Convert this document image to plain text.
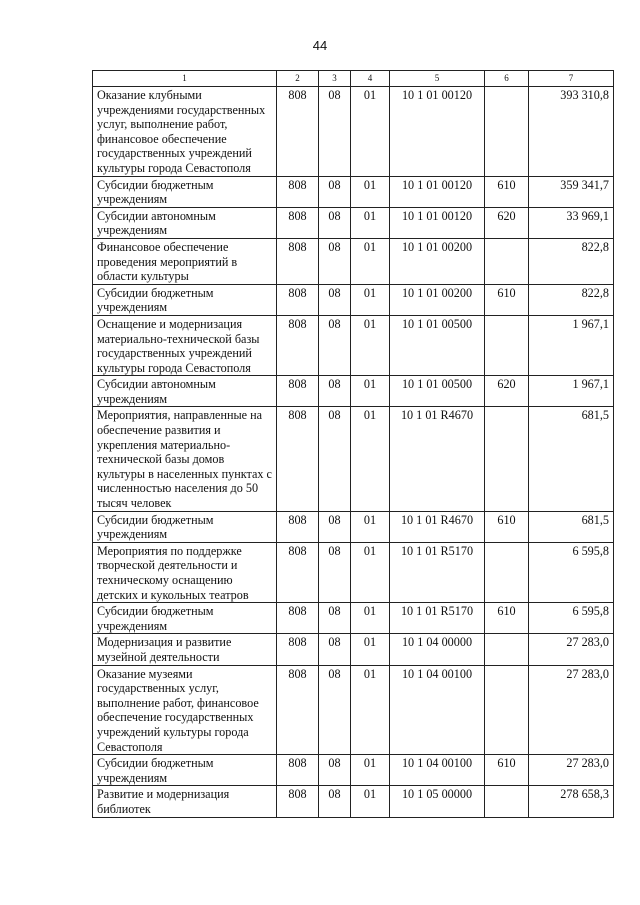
44
1	2	3	4	5	6	7
Оказание клубными учреждениями государственных услуг, выполнение работ, финансовое обеспечение государственных учреждений культуры города Севастополя	808	08	01	10 1 01 00120		393 310,8
Субсидии бюджетным учреждениям	808	08	01	10 1 01 00120	610	359 341,7
Субсидии автономным учреждениям	808	08	01	10 1 01 00120	620	33 969,1
Финансовое обеспечение проведения мероприятий в области культуры	808	08	01	10 1 01 00200		822,8
Субсидии бюджетным учреждениям	808	08	01	10 1 01 00200	610	822,8
Оснащение и модернизация материально-технической базы государственных учреждений культуры города Севастополя	808	08	01	10 1 01 00500		1 967,1
Субсидии автономным учреждениям	808	08	01	10 1 01 00500	620	1 967,1
Мероприятия, направленные на обеспечение развития и укрепления материально-технической базы домов культуры в населенных пунктах с численностью населения до 50 тысяч человек	808	08	01	10 1 01 R4670		681,5
Субсидии бюджетным учреждениям	808	08	01	10 1 01 R4670	610	681,5
Мероприятия по поддержке творческой деятельности и техническому оснащению детских и кукольных театров	808	08	01	10 1 01 R5170		6 595,8
Субсидии бюджетным учреждениям	808	08	01	10 1 01 R5170	610	6 595,8
Модернизация и развитие музейной деятельности	808	08	01	10 1 04 00000		27 283,0
Оказание музеями государственных услуг, выполнение работ, финансовое обеспечение государственных учреждений культуры города Севастополя	808	08	01	10 1 04 00100		27 283,0
Субсидии бюджетным учреждениям	808	08	01	10 1 04 00100	610	27 283,0
Развитие и модернизация библиотек	808	08	01	10 1 05 00000		278 658,3
